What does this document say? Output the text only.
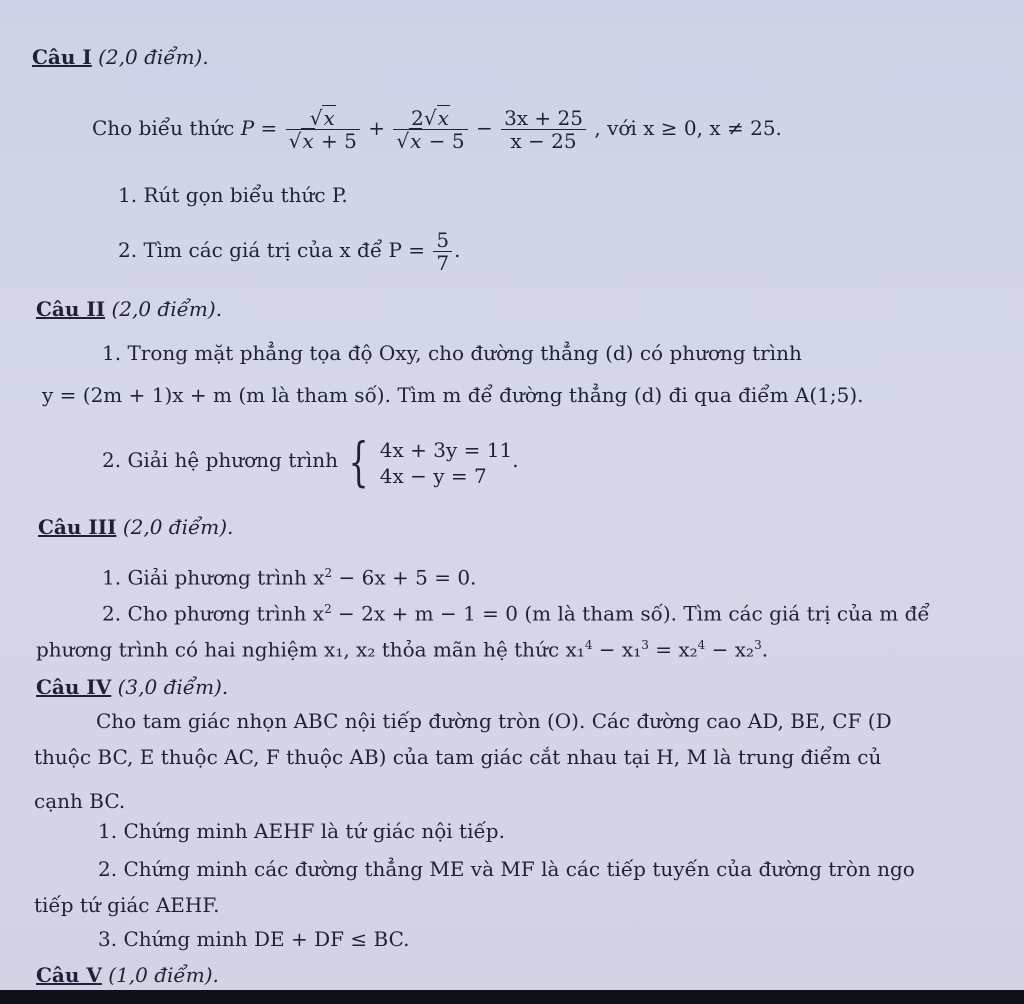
Câu I (2,0 điểm).
Cho biểu thức $P = \frac{√x}{√x + 5} + \frac{2√x}{√x - 5} - \frac{3x + 25}{x - 25}$ , với x ≥ 0, x ≠ 25.
1. Rút gọn biểu thức P.
2. Tìm các giá trị của x để $P = \frac{5}{7}$ .
Câu II (2,0 điểm).
1. Trong mặt phẳng tọa độ Oxy, cho đường thẳng (d) có phương trình
y = (2m + 1)x + m (m là tham số). Tìm m để đường thẳng (d) đi qua điểm A(1;5).
2. Giải hệ phương trình { 4x + 3y = 11
4x − y = 7
.
Câu III (2,0 điểm).
1. Giải phương trình $x^2 - 6x + 5 = 0$.
2. Cho phương trình $x^2 - 2x + m - 1 = 0$ (m là tham số). Tìm các giá trị của m để
phương trình có hai nghiệm x₁, x₂ thỏa mãn hệ thức x₁$^4$ − x₁$^3$ = x₂$^4$ − x₂$^3$.
Câu IV (3,0 điểm).
Cho tam giác nhọn ABC nội tiếp đường tròn (O). Các đường cao AD, BE, CF (D
thuộc BC, E thuộc AC, F thuộc AB) của tam giác cắt nhau tại H, M là trung điểm củ
cạnh BC.
1. Chứng minh AEHF là tứ giác nội tiếp.
2. Chứng minh các đường thẳng ME và MF là các tiếp tuyến của đường tròn ngo
tiếp tứ giác AEHF.
3. Chứng minh DE + DF ≤ BC.
Câu V (1,0 điểm).
